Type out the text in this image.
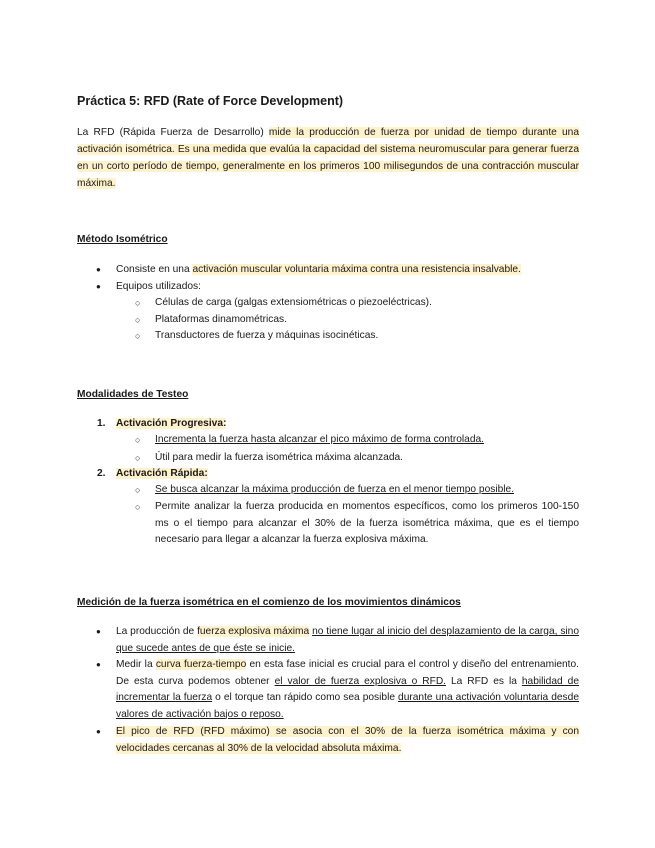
Práctica 5: RFD (Rate of Force Development)
La RFD (Rápida Fuerza de Desarrollo) mide la producción de fuerza por unidad de tiempo durante una activación isométrica. Es una medida que evalúa la capacidad del sistema neuromuscular para generar fuerza en un corto período de tiempo, generalmente en los primeros 100 milisegundos de una contracción muscular máxima.
Método Isométrico
● Consiste en una activación muscular voluntaria máxima contra una resistencia insalvable.
● Equipos utilizados:
○ Células de carga (galgas extensiométricas o piezoeléctricas).
○ Plataformas dinamométricas.
○ Transductores de fuerza y máquinas isocinéticas.
Modalidades de Testeo
1. Activación Progresiva:
○ Incrementa la fuerza hasta alcanzar el pico máximo de forma controlada.
○ Útil para medir la fuerza isométrica máxima alcanzada.
2. Activación Rápida:
○ Se busca alcanzar la máxima producción de fuerza en el menor tiempo posible.
○ Permite analizar la fuerza producida en momentos específicos, como los primeros 100-150 ms o el tiempo para alcanzar el 30% de la fuerza isométrica máxima, que es el tiempo necesario para llegar a alcanzar la fuerza explosiva máxima.
Medición de la fuerza isométrica en el comienzo de los movimientos dinámicos
● La producción de fuerza explosiva máxima no tiene lugar al inicio del desplazamiento de la carga, sino que sucede antes de que éste se inicie.
● Medir la curva fuerza-tiempo en esta fase inicial es crucial para el control y diseño del entrenamiento. De esta curva podemos obtener el valor de fuerza explosiva o RFD. La RFD es la habilidad de incrementar la fuerza o el torque tan rápido como sea posible durante una activación voluntaria desde valores de activación bajos o reposo.
● El pico de RFD (RFD máximo) se asocia con el 30% de la fuerza isométrica máxima y con velocidades cercanas al 30% de la velocidad absoluta máxima.
